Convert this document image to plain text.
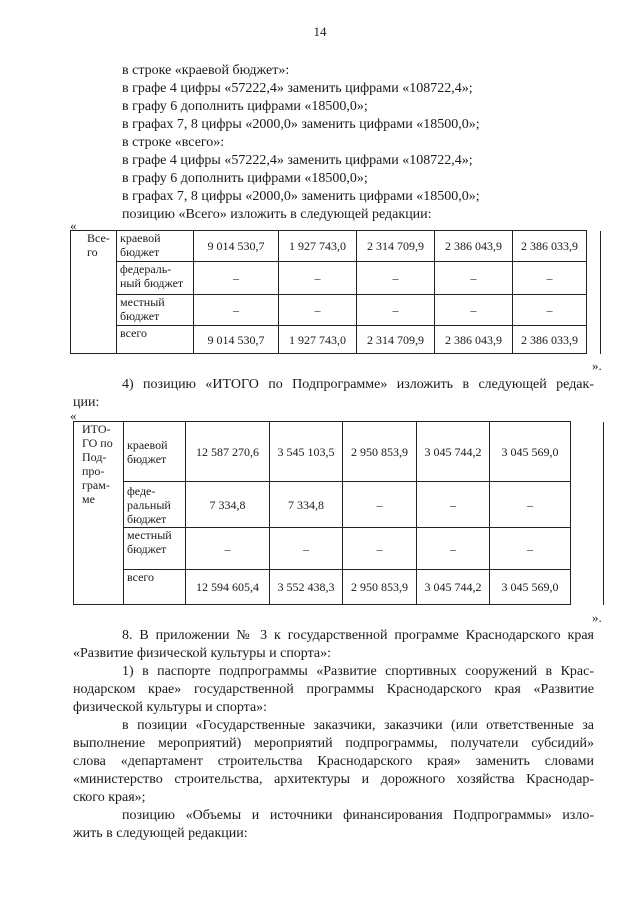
14
в строке «краевой бюджет»:
в графе 4 цифры «57222,4» заменить цифрами «108722,4»;
в графу 6 дополнить цифрами «18500,0»;
в графах 7, 8 цифры «2000,0» заменить цифрами «18500,0»;
в строке «всего»:
в графе 4 цифры «57222,4» заменить цифрами «108722,4»;
в графу 6 дополнить цифрами «18500,0»;
в графах 7, 8 цифры «2000,0» заменить цифрами «18500,0»;
позицию «Всего» изложить в следующей редакции:
«
Все-го	краевой бюджет	9 014 530,7	1 927 743,0	2 314 709,9	2 386 043,9	2 386 033,9	
	федераль-ный бюджет	–	–	–	–	–	
	местный бюджет	–	–	–	–	–	
	всего	9 014 530,7	1 927 743,0	2 314 709,9	2 386 043,9	2 386 033,9	
».
4) позицию «ИТОГО по Подпрограмме» изложить в следующей редак-
ции:
«
ИТО-ГО по Под-про-грам-ме	краевой бюджет	12 587 270,6	3 545 103,5	2 950 853,9	3 045 744,2	3 045 569,0	
	феде-ральный бюджет	7 334,8	7 334,8	–	–	–	
	местный бюджет	–	–	–	–	–	
	всего	12 594 605,4	3 552 438,3	2 950 853,9	3 045 744,2	3 045 569,0	
».
8. В приложении № 3 к государственной программе Краснодарского края
«Развитие физической культуры и спорта»:
1) в паспорте подпрограммы «Развитие спортивных сооружений в Крас-
нодарском крае» государственной программы Краснодарского края «Развитие
физической культуры и спорта»:
в позиции «Государственные заказчики, заказчики (или ответственные за
выполнение мероприятий) мероприятий подпрограммы, получатели субсидий»
слова «департамент строительства Краснодарского края» заменить словами
«министерство строительства, архитектуры и дорожного хозяйства Краснодар-
ского края»;
позицию «Объемы и источники финансирования Подпрограммы» изло-
жить в следующей редакции:
